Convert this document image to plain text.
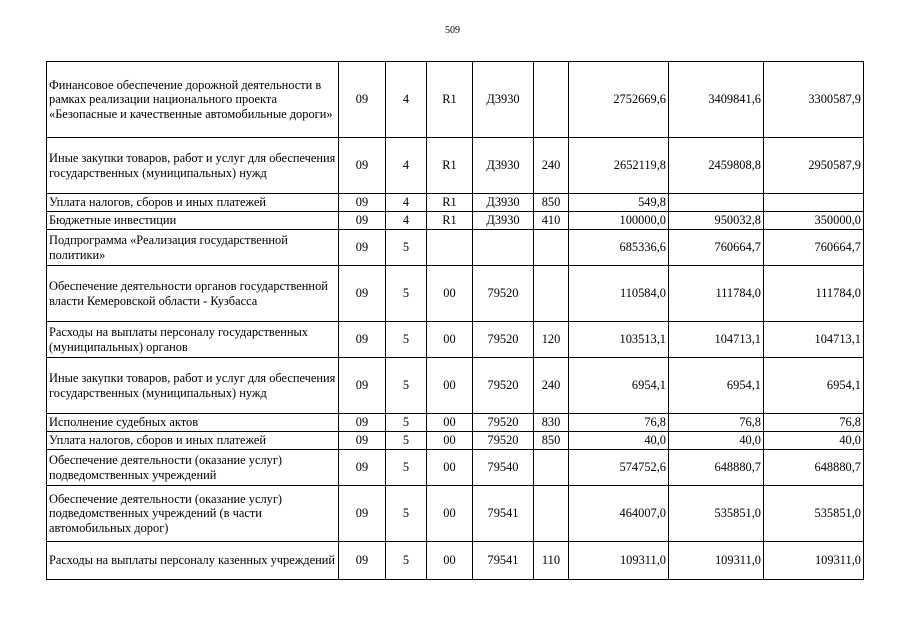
509
Финансовое обеспечение дорожной деятельности в рамках реализации национального проекта «Безопасные и качественные автомобильные дороги»	09	4	R1	Д3930		2752669,6	3409841,6	3300587,9
Иные закупки товаров, работ и услуг для обеспечения государственных (муниципальных) нужд	09	4	R1	Д3930	240	2652119,8	2459808,8	2950587,9
Уплата налогов, сборов и иных платежей	09	4	R1	Д3930	850	549,8		
Бюджетные инвестиции	09	4	R1	Д3930	410	100000,0	950032,8	350000,0
Подпрограмма «Реализация государственной политики»	09	5				685336,6	760664,7	760664,7
Обеспечение деятельности органов государственной власти Кемеровской области - Кузбасса	09	5	00	79520		110584,0	111784,0	111784,0
Расходы на выплаты персоналу государственных (муниципальных) органов	09	5	00	79520	120	103513,1	104713,1	104713,1
Иные закупки товаров, работ и услуг для обеспечения государственных (муниципальных) нужд	09	5	00	79520	240	6954,1	6954,1	6954,1
Исполнение судебных актов	09	5	00	79520	830	76,8	76,8	76,8
Уплата налогов, сборов и иных платежей	09	5	00	79520	850	40,0	40,0	40,0
Обеспечение деятельности (оказание услуг) подведомственных учреждений	09	5	00	79540		574752,6	648880,7	648880,7
Обеспечение деятельности (оказание услуг) подведомственных учреждений (в части автомобильных дорог)	09	5	00	79541		464007,0	535851,0	535851,0
Расходы на выплаты персоналу казенных учреждений	09	5	00	79541	110	109311,0	109311,0	109311,0
